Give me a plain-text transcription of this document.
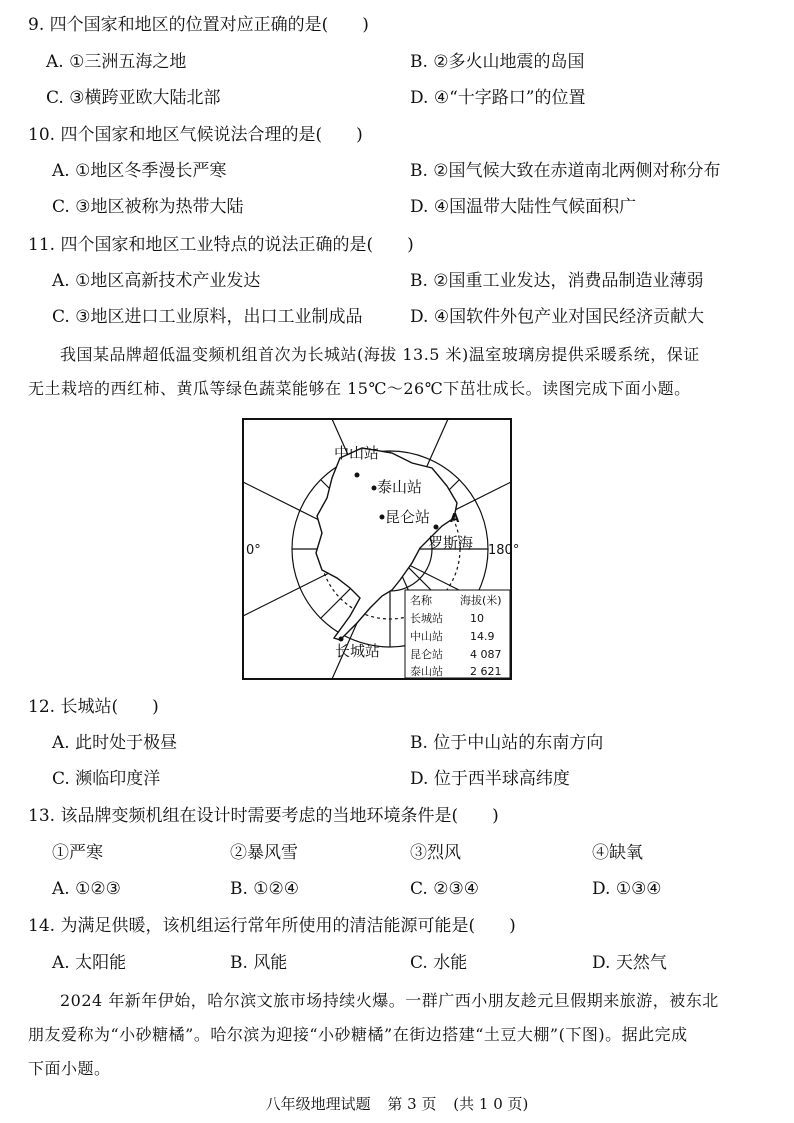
9. 四个国家和地区的位置对应正确的是(　　)
A. ①三洲五海之地	B. ②多火山地震的岛国
C. ③横跨亚欧大陆北部	D. ④“十字路口”的位置
10. 四个国家和地区气候说法合理的是(　　)
A. ①地区冬季漫长严寒	B. ②国气候大致在赤道南北两侧对称分布
C. ③地区被称为热带大陆	D. ④国温带大陆性气候面积广
11. 四个国家和地区工业特点的说法正确的是(　　)
A. ①地区高新技术产业发达	B. ②国重工业发达，消费品制造业薄弱
C. ③地区进口工业原料，出口工业制成品	D. ④国软件外包产业对国民经济贡献大
我国某品牌超低温变频机组首次为长城站(海拔 13.5 米)温室玻璃房提供采暖系统，保证
无土栽培的西红柿、黄瓜等绿色蔬菜能够在 15℃～26℃下茁壮成长。读图完成下面小题。
0°	180°
中山站
泰山站
昆仑站 A
罗斯海
长城站
名称	海拔(米)
长城站 10
中山站 14.9
昆仑站 4 087
泰山站 2 621
12. 长城站(　　)
A. 此时处于极昼	B. 位于中山站的东南方向
C. 濒临印度洋	D. 位于西半球高纬度
13. 该品牌变频机组在设计时需要考虑的当地环境条件是(　　)
①严寒	②暴风雪	③烈风	④缺氧
A. ①②③	B. ①②④	C. ②③④	D. ①③④
14. 为满足供暖，该机组运行常年所使用的清洁能源可能是(　　)
A. 太阳能	B. 风能	C. 水能	D. 天然气
2024 年新年伊始，哈尔滨文旅市场持续火爆。一群广西小朋友趁元旦假期来旅游，被东北
朋友爱称为“小砂糖橘”。哈尔滨为迎接“小砂糖橘”在街边搭建“土豆大棚”(下图)。据此完成
下面小题。
八年级地理试题 第 3 页 (共 1 0 页)
